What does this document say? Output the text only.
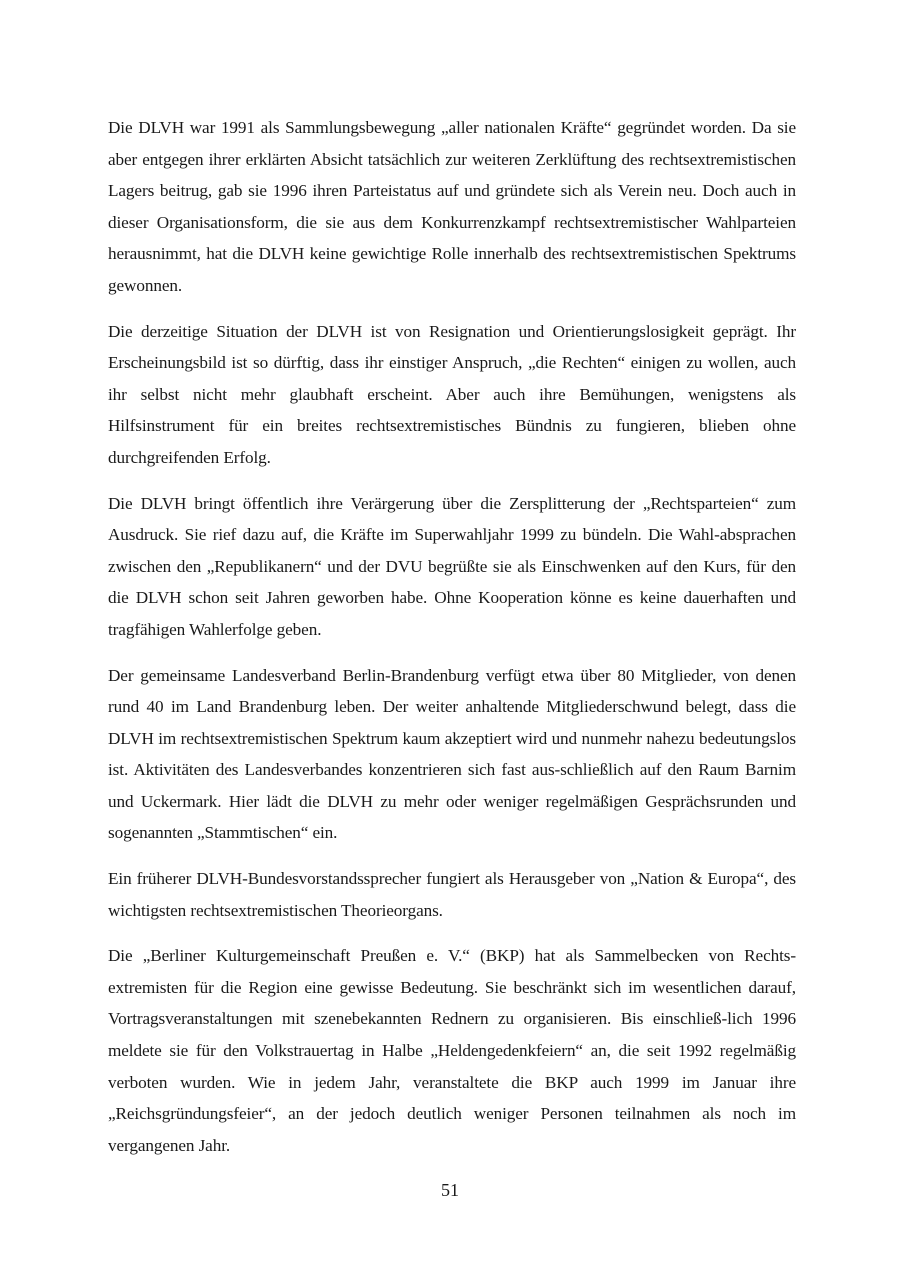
Die DLVH war 1991 als Sammlungsbewegung „aller nationalen Kräfte“ gegründet worden. Da sie aber entgegen ihrer erklärten Absicht tatsächlich zur weiteren Zerklüftung des rechtsextremistischen Lagers beitrug, gab sie 1996 ihren Parteistatus auf und gründete sich als Verein neu. Doch auch in dieser Organisationsform, die sie aus dem Konkurrenzkampf rechtsextremistischer Wahlparteien herausnimmt, hat die DLVH keine gewichtige Rolle innerhalb des rechtsextremistischen Spektrums gewonnen.

Die derzeitige Situation der DLVH ist von Resignation und Orientierungslosigkeit geprägt. Ihr Erscheinungsbild ist so dürftig, dass ihr einstiger Anspruch, „die Rechten“ einigen zu wollen, auch ihr selbst nicht mehr glaubhaft erscheint. Aber auch ihre Bemühungen, wenigstens als Hilfsinstrument für ein breites rechtsextremistisches Bündnis zu fungieren, blieben ohne durchgreifenden Erfolg.

Die DLVH bringt öffentlich ihre Verärgerung über die Zersplitterung der „Rechtsparteien“ zum Ausdruck. Sie rief dazu auf, die Kräfte im Superwahljahr 1999 zu bündeln. Die Wahl-absprachen zwischen den „Republikanern“ und der DVU begrüßte sie als Einschwenken auf den Kurs, für den die DLVH schon seit Jahren geworben habe. Ohne Kooperation könne es keine dauerhaften und tragfähigen Wahlerfolge geben.

Der gemeinsame Landesverband Berlin-Brandenburg verfügt etwa über 80 Mitglieder, von denen rund 40 im Land Brandenburg leben. Der weiter anhaltende Mitgliederschwund belegt, dass die DLVH im rechtsextremistischen Spektrum kaum akzeptiert wird und nunmehr nahezu bedeutungslos ist. Aktivitäten des Landesverbandes konzentrieren sich fast aus-schließlich auf den Raum Barnim und Uckermark. Hier lädt die DLVH zu mehr oder weniger regelmäßigen Gesprächsrunden und sogenannten „Stammtischen“ ein.

Ein früherer DLVH-Bundesvorstandssprecher fungiert als Herausgeber von „Nation & Europa“, des wichtigsten rechtsextremistischen Theorieorgans.

Die „Berliner Kulturgemeinschaft Preußen e. V.“ (BKP) hat als Sammelbecken von Rechts-extremisten für die Region eine gewisse Bedeutung. Sie beschränkt sich im wesentlichen darauf, Vortragsveranstaltungen mit szenebekannten Rednern zu organisieren. Bis einschließ-lich 1996 meldete sie für den Volkstrauertag in Halbe „Heldengedenkfeiern“ an, die seit 1992 regelmäßig verboten wurden. Wie in jedem Jahr, veranstaltete die BKP auch 1999 im Januar ihre „Reichsgründungsfeier“, an der jedoch deutlich weniger Personen teilnahmen als noch im vergangenen Jahr.

51
